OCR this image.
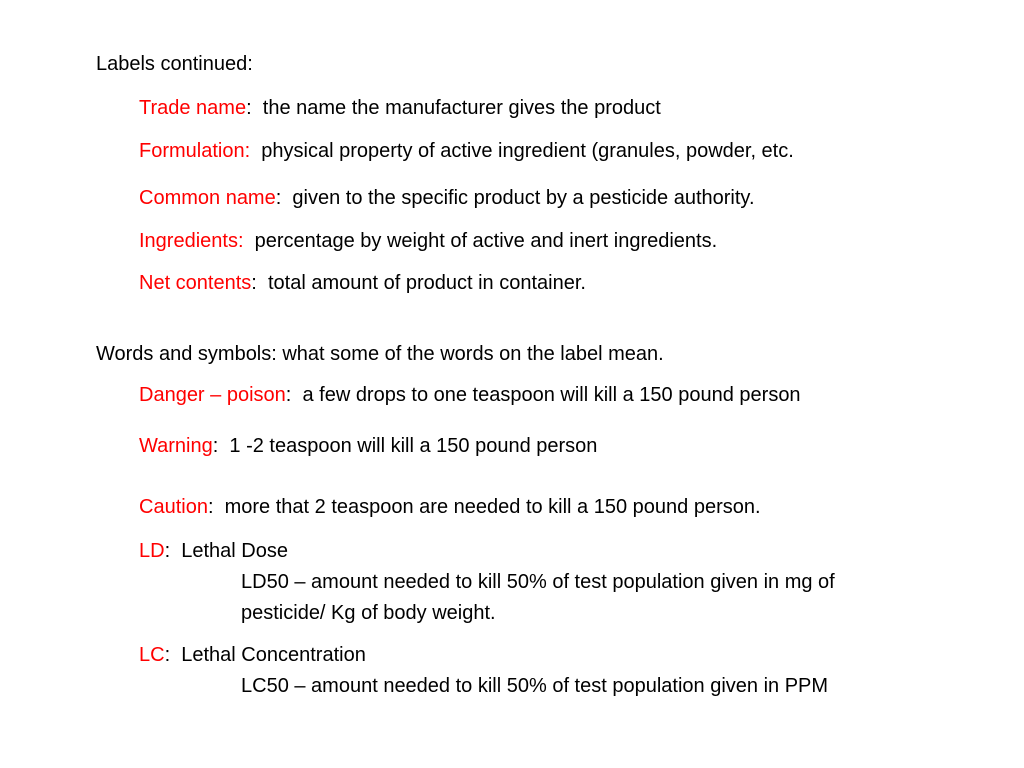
Labels continued:
Trade name:  the name the manufacturer gives the product
Formulation: physical property of active ingredient (granules, powder, etc.
Common name:  given to the specific product by a pesticide authority.
Ingredients: percentage by weight of active and inert ingredients.
Net contents:  total amount of product in container.
Words and symbols: what some of the words on the label mean.
Danger – poison:  a few drops to one teaspoon will kill a 150 pound person
Warning:  1 -2 teaspoon will kill a 150 pound person
Caution:  more that 2 teaspoon are needed to kill a 150 pound person.
LD:  Lethal Dose
LD50 – amount needed to kill 50% of test population given in mg of
pesticide/ Kg of body weight.
LC:  Lethal Concentration
LC50 – amount needed to kill 50% of test population given in PPM
